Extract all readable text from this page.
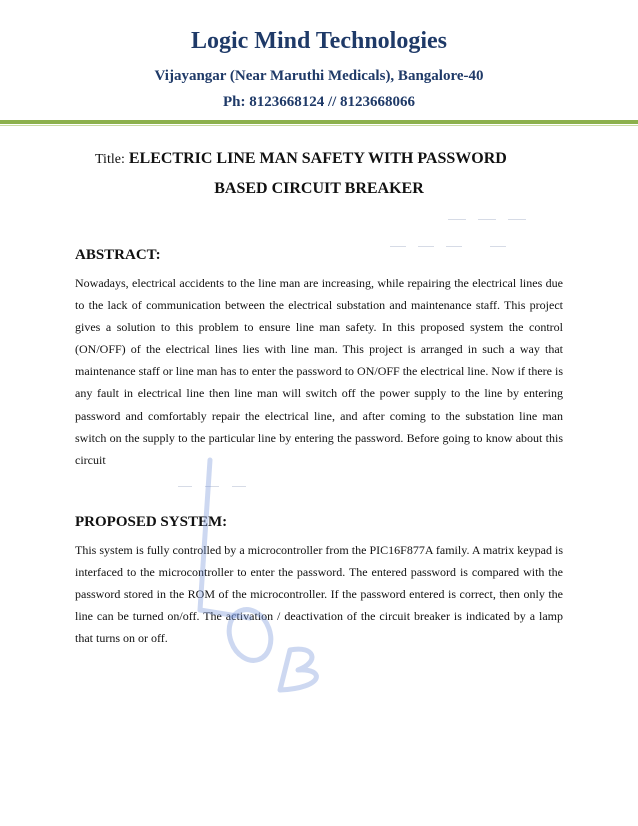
Logic Mind Technologies
Vijayangar (Near Maruthi Medicals), Bangalore-40
Ph: 8123668124 // 8123668066
Title: ELECTRIC LINE MAN SAFETY WITH PASSWORD
BASED CIRCUIT BREAKER
ABSTRACT:
Nowadays, electrical accidents to the line man are increasing, while repairing the electrical lines due to the lack of communication between the electrical substation and maintenance staff. This project gives a solution to this problem to ensure line man safety. In this proposed system the control (ON/OFF) of the electrical lines lies with line man. This project is arranged in such a way that maintenance staff or line man has to enter the password to ON/OFF the electrical line. Now if there is any fault in electrical line then line man will switch off the power supply to the line by entering password and comfortably repair the electrical line, and after coming to the substation line man switch on the supply to the particular line by entering the password. Before going to know about this circuit
PROPOSED SYSTEM:
This system is fully controlled by a microcontroller from the PIC16F877A family. A matrix keypad is interfaced to the microcontroller to enter the password. The entered password is compared with the password stored in the ROM of the microcontroller. If the password entered is correct, then only the line can be turned on/off. The activation / deactivation of the circuit breaker is indicated by a lamp that turns on or off.
